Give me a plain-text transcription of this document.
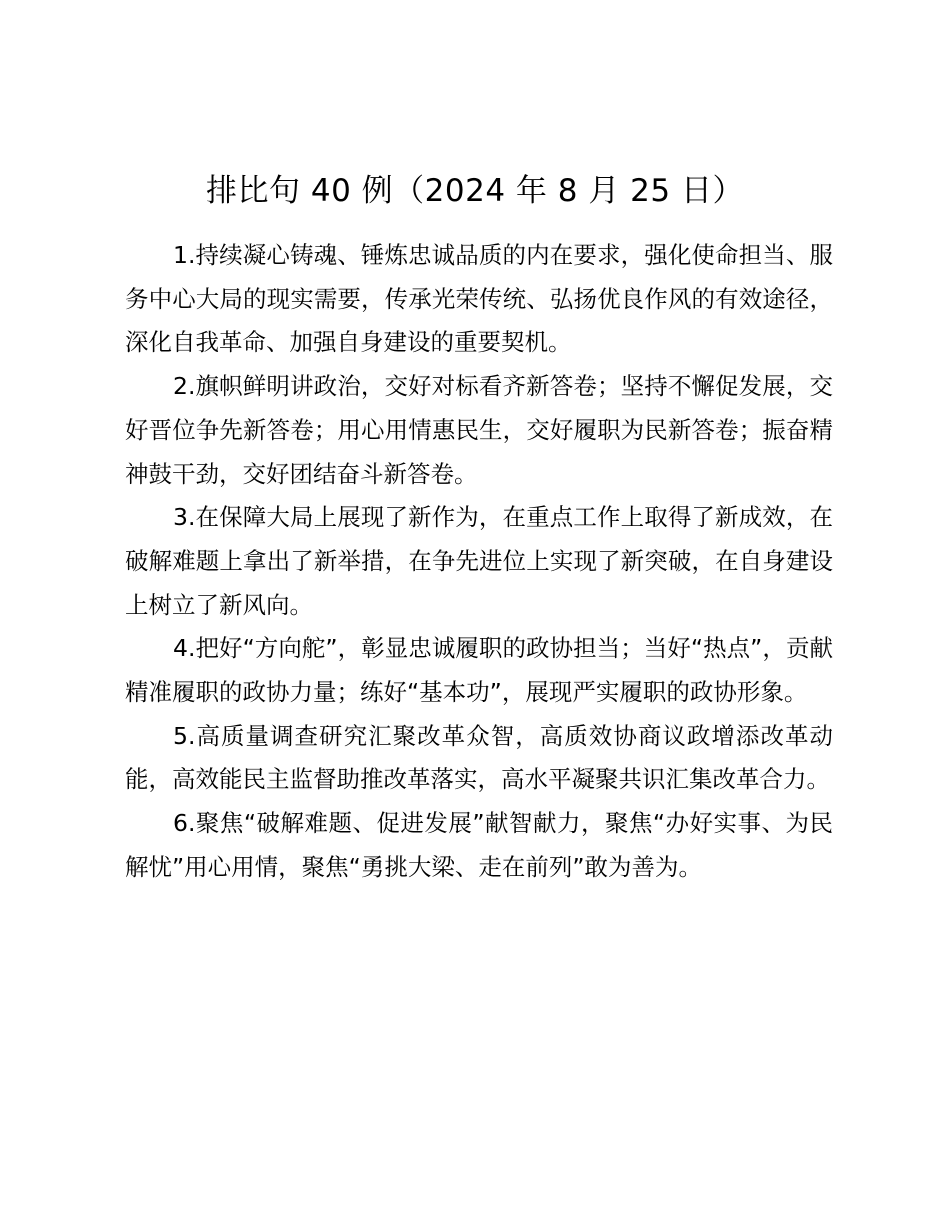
排比句 40 例（2024 年 8 月 25 日）

1.持续凝心铸魂、锤炼忠诚品质的内在要求，强化使命担当、服务中心大局的现实需要，传承光荣传统、弘扬优良作风的有效途径，深化自我革命、加强自身建设的重要契机。

2.旗帜鲜明讲政治，交好对标看齐新答卷；坚持不懈促发展，交好晋位争先新答卷；用心用情惠民生，交好履职为民新答卷；振奋精神鼓干劲，交好团结奋斗新答卷。

3.在保障大局上展现了新作为，在重点工作上取得了新成效，在破解难题上拿出了新举措，在争先进位上实现了新突破，在自身建设上树立了新风向。

4.把好“方向舵”，彰显忠诚履职的政协担当；当好“热点”，贡献精准履职的政协力量；练好“基本功”，展现严实履职的政协形象。

5.高质量调查研究汇聚改革众智，高质效协商议政增添改革动能，高效能民主监督助推改革落实，高水平凝聚共识汇集改革合力。

6.聚焦“破解难题、促进发展”献智献力，聚焦“办好实事、为民解忧”用心用情，聚焦“勇挑大梁、走在前列”敢为善为。
